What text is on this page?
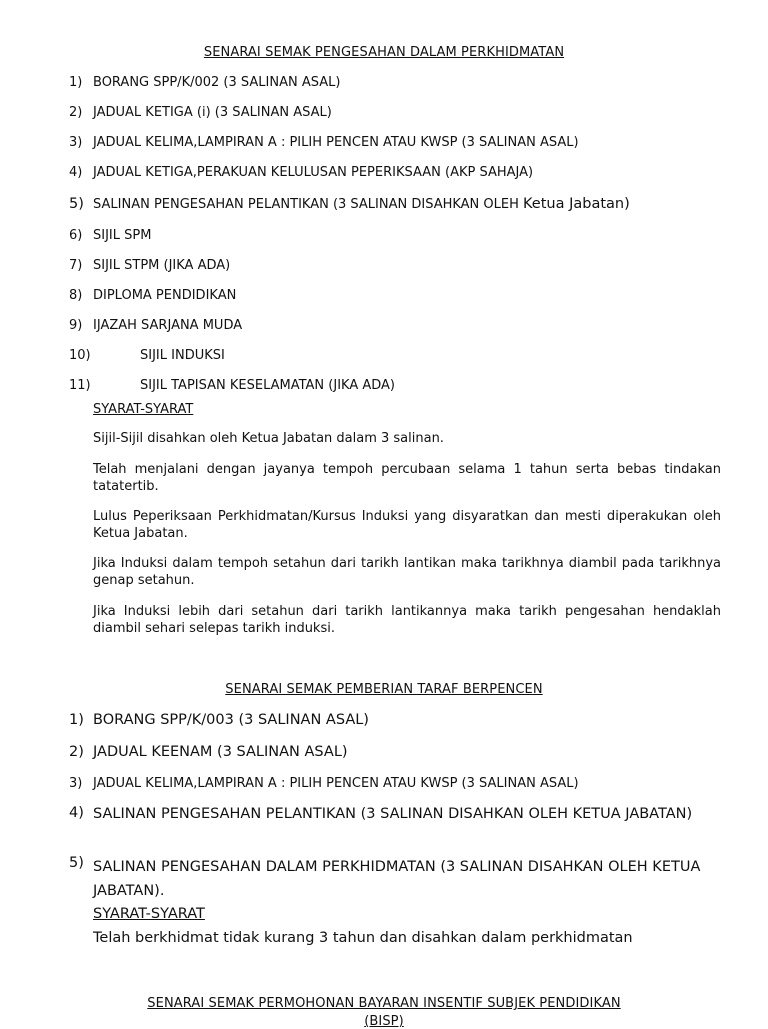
SENARAI SEMAK PENGESAHAN DALAM PERKHIDMATAN
1) BORANG SPP/K/002 (3 SALINAN ASAL)
2) JADUAL KETIGA (i) (3 SALINAN ASAL)
3) JADUAL KELIMA,LAMPIRAN A : PILIH PENCEN ATAU KWSP (3 SALINAN ASAL)
4) JADUAL KETIGA,PERAKUAN KELULUSAN PEPERIKSAAN (AKP SAHAJA)
5) SALINAN PENGESAHAN PELANTIKAN (3 SALINAN DISAHKAN OLEH Ketua Jabatan)
6) SIJIL SPM
7) SIJIL STPM (JIKA ADA)
8) DIPLOMA PENDIDIKAN
9) IJAZAH SARJANA MUDA
10)	SIJIL INDUKSI
11)	SIJIL TAPISAN KESELAMATAN (JIKA ADA)
SYARAT-SYARAT
Sijil-Sijil disahkan oleh Ketua Jabatan dalam 3 salinan.
Telah menjalani dengan jayanya tempoh percubaan selama 1 tahun serta bebas tindakan tatatertib.
Lulus Peperiksaan Perkhidmatan/Kursus Induksi yang disyaratkan dan mesti diperakukan oleh Ketua Jabatan.
Jika Induksi dalam tempoh setahun dari tarikh lantikan maka tarikhnya diambil pada tarikhnya genap setahun.
Jika Induksi lebih dari setahun dari tarikh lantikannya maka tarikh pengesahan hendaklah diambil sehari selepas tarikh induksi.
SENARAI SEMAK PEMBERIAN TARAF BERPENCEN
1) BORANG SPP/K/003 (3 SALINAN ASAL)
2) JADUAL KEENAM (3 SALINAN ASAL)
3) JADUAL KELIMA,LAMPIRAN A : PILIH PENCEN ATAU KWSP (3 SALINAN ASAL)
4) SALINAN PENGESAHAN PELANTIKAN (3 SALINAN DISAHKAN OLEH KETUA JABATAN)
5) SALINAN PENGESAHAN DALAM PERKHIDMATAN (3 SALINAN DISAHKAN OLEH KETUA JABATAN).
SYARAT-SYARAT
Telah berkhidmat tidak kurang 3 tahun dan disahkan dalam perkhidmatan
SENARAI SEMAK PERMOHONAN BAYARAN INSENTIF SUBJEK PENDIDIKAN
(BISP)
